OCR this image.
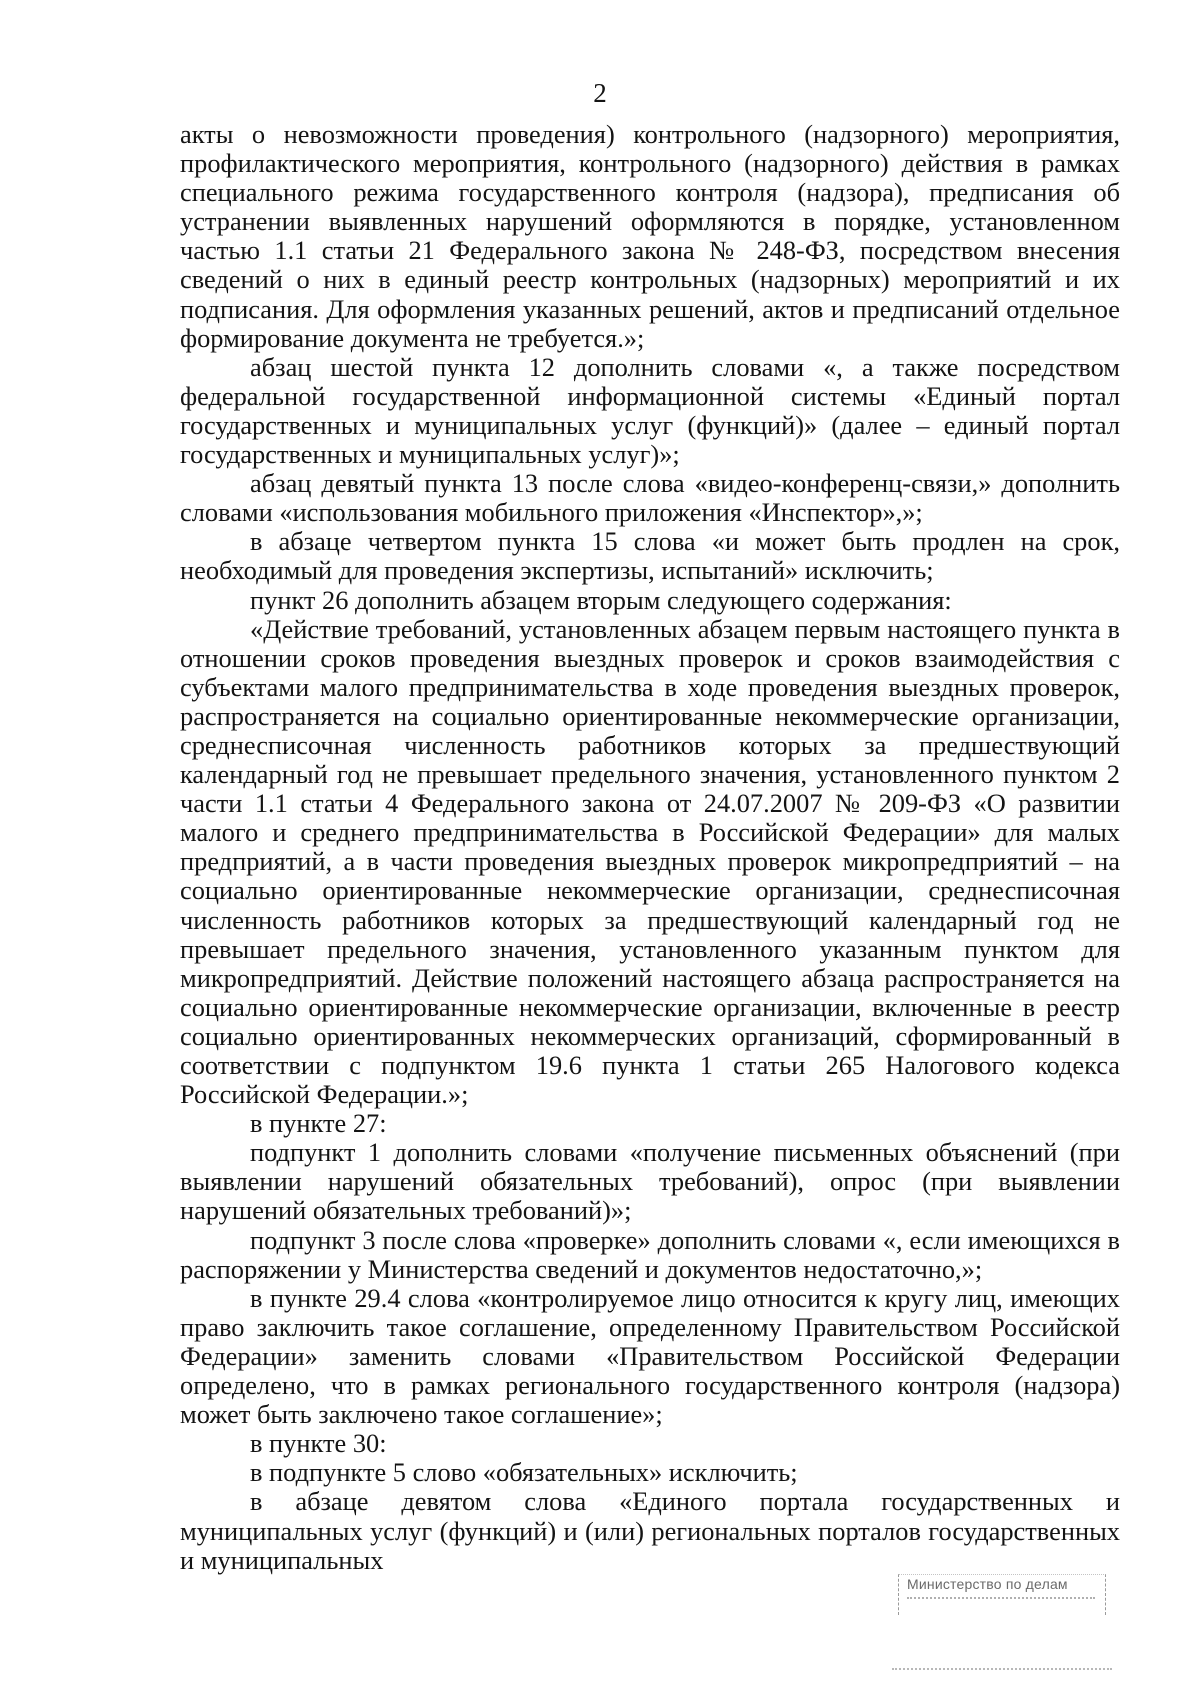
2

акты о невозможности проведения) контрольного (надзорного) мероприятия, профилактического мероприятия, контрольного (надзорного) действия в рамках специального режима государственного контроля (надзора), предписания об устранении выявленных нарушений оформляются в порядке, установленном частью 1.1 статьи 21 Федерального закона № 248-ФЗ, посредством внесения сведений о них в единый реестр контрольных (надзорных) мероприятий и их подписания. Для оформления указанных решений, актов и предписаний отдельное формирование документа не требуется.»;

абзац шестой пункта 12 дополнить словами «, а также посредством федеральной государственной информационной системы «Единый портал государственных и муниципальных услуг (функций)» (далее – единый портал государственных и муниципальных услуг)»;

абзац девятый пункта 13 после слова «видео-конференц-связи,» дополнить словами «использования мобильного приложения «Инспектор»,»;

в абзаце четвертом пункта 15 слова «и может быть продлен на срок, необходимый для проведения экспертизы, испытаний» исключить;

пункт 26 дополнить абзацем вторым следующего содержания:

«Действие требований, установленных абзацем первым настоящего пункта в отношении сроков проведения выездных проверок и сроков взаимодействия с субъектами малого предпринимательства в ходе проведения выездных проверок, распространяется на социально ориентированные некоммерческие организации, среднесписочная численность работников которых за предшествующий календарный год не превышает предельного значения, установленного пунктом 2 части 1.1 статьи 4 Федерального закона от 24.07.2007 № 209-ФЗ «О развитии малого и среднего предпринимательства в Российской Федерации» для малых предприятий, а в части проведения выездных проверок микропредприятий – на социально ориентированные некоммерческие организации, среднесписочная численность работников которых за предшествующий календарный год не превышает предельного значения, установленного указанным пунктом для микропредприятий. Действие положений настоящего абзаца распространяется на социально ориентированные некоммерческие организации, включенные в реестр социально ориентированных некоммерческих организаций, сформированный в соответствии с подпунктом 19.6 пункта 1 статьи 265 Налогового кодекса Российской Федерации.»;

в пункте 27:

подпункт 1 дополнить словами «получение письменных объяснений (при выявлении нарушений обязательных требований), опрос (при выявлении нарушений обязательных требований)»;

подпункт 3 после слова «проверке» дополнить словами «, если имеющихся в распоряжении у Министерства сведений и документов недостаточно,»;

в пункте 29.4 слова «контролируемое лицо относится к кругу лиц, имеющих право заключить такое соглашение, определенному Правительством Российской Федерации» заменить словами «Правительством Российской Федерации определено, что в рамках регионального государственного контроля (надзора) может быть заключено такое соглашение»;

в пункте 30:

в подпункте 5 слово «обязательных» исключить;

в абзаце девятом слова «Единого портала государственных и муниципальных услуг (функций) и (или) региональных порталов государственных и муниципальных

Министерство по делам
